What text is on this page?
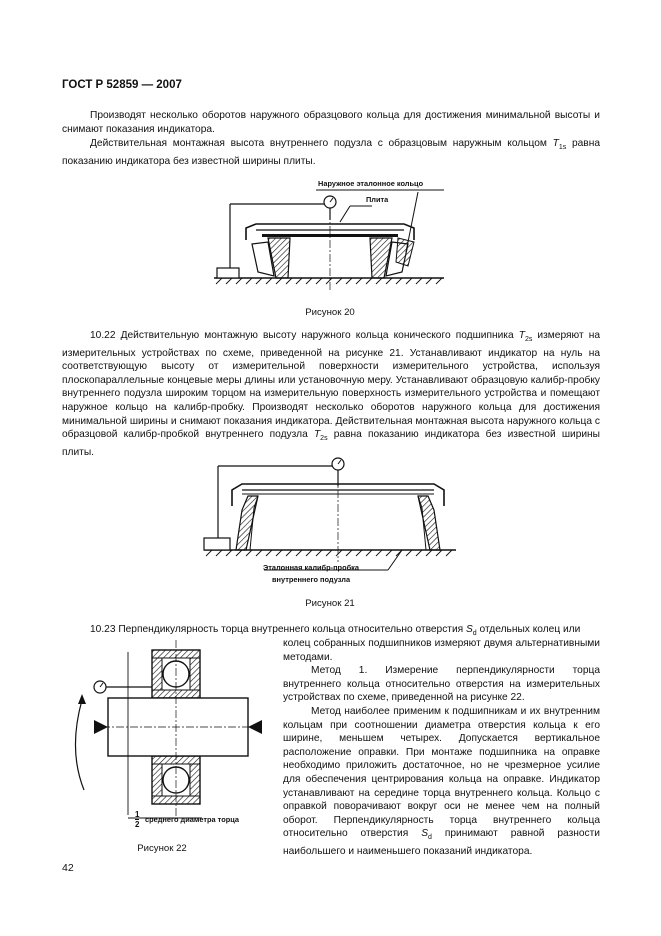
ГОСТ Р 52859 — 2007
Производят несколько оборотов наружного образцового кольца для достижения минимальной высоты и снимают показания индикатора.
Действительная монтажная высота внутреннего подузла с образцовым наружным кольцом $T_{1s}$ равна показанию индикатора без известной ширины плиты.
Наружное эталонное кольцо
Плита
Рисунок 20
10.22 Действительную монтажную высоту наружного кольца конического подшипника $T_{2s}$ измеряют на измерительных устройствах по схеме, приведенной на рисунке 21. Устанавливают индикатор на нуль на соответствующую высоту от измерительной поверхности измерительного устройства, используя плоскопараллельные концевые меры длины или установочную меру. Устанавливают образцовую калибр-пробку внутреннего подузла широким торцом на измерительную поверхность измерительного устройства и помещают наружное кольцо на калибр-пробку. Производят несколько оборотов наружного кольца для достижения минимальной ширины и снимают показания индикатора. Действительная монтажная высота наружного кольца с образцовой калибр-пробкой внутреннего подузла $T_{2s}$ равна показанию индикатора без известной ширины плиты.
Эталонная калибр-пробка
внутреннего подузла
Рисунок 21
10.23 Перпендикулярность торца внутреннего кольца относительно отверстия $S_d$ отдельных колец или
колец собранных подшипников измеряют двумя альтернативными методами.
Метод 1. Измерение перпендикулярности торца внутреннего кольца относительно отверстия на измерительных устройствах по схеме, приведенной на рисунке 22.
Метод наиболее применим к подшипникам и их внутренним кольцам при соотношении диаметра отверстия кольца к его ширине, меньшем четырех. Допускается вертикальное расположение оправки. При монтаже подшипника на оправке необходимо приложить достаточное, но не чрезмерное усилие для обеспечения центрирования кольца на оправке. Индикатор устанавливают на середине торца внутреннего кольца. Кольцо с оправкой поворачивают вокруг оси не менее чем на полный оборот. Перпендикулярность торца внутреннего кольца относительно отверстия $S_d$ принимают равной разности наибольшего и наименьшего показаний индикатора.
$\frac{1}{2}$ среднего диаметра торца
Рисунок 22
42
